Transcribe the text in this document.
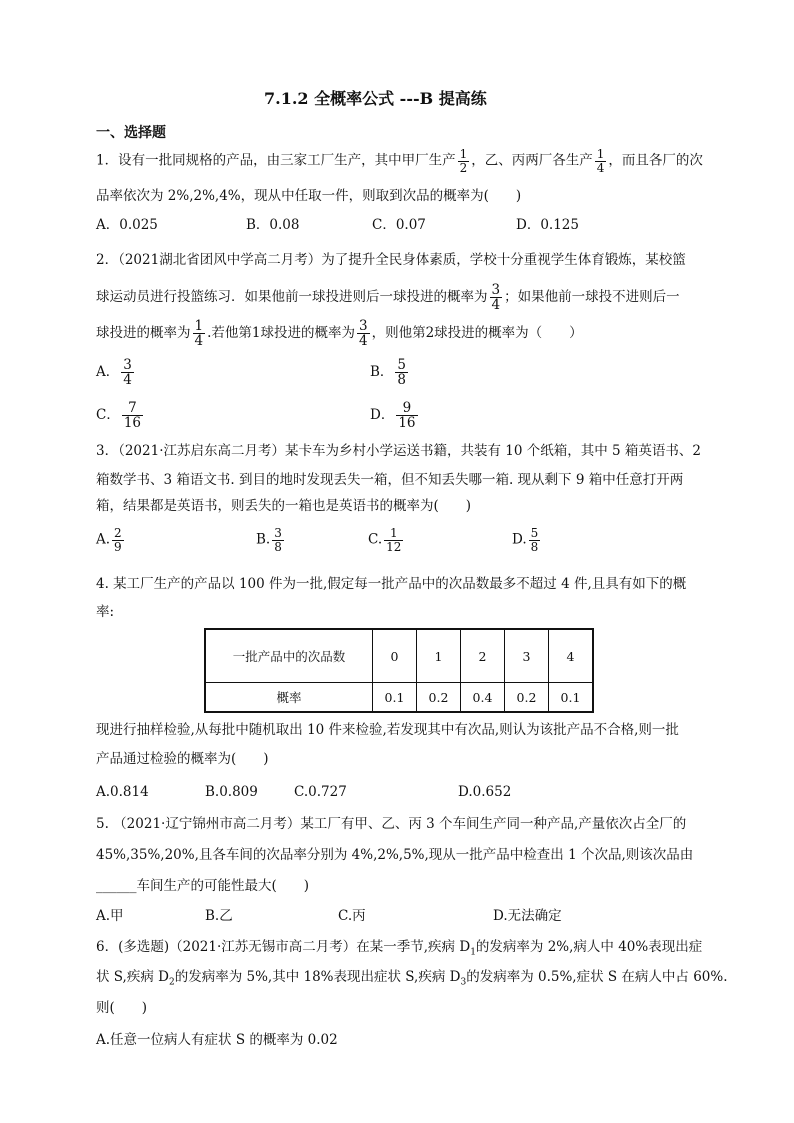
7.1.2 全概率公式 ---B 提高练
一、选择题
1．设有一批同规格的产品，由三家工厂生产，其中甲厂生产 $\frac{1}{2}$ ，乙、丙两厂各生产 $\frac{1}{4}$ ，而且各厂的次
品率依次为 2%,2%,4%，现从中任取一件，则取到次品的概率为(　　)
A．0.025	B．0.08	C．0.07	D．0.125
2．（2021湖北省团风中学高二月考）为了提升全民身体素质，学校十分重视学生体育锻炼，某校篮
球运动员进行投篮练习．如果他前一球投进则后一球投进的概率为 $\frac{3}{4}$ ；如果他前一球投不进则后一
球投进的概率为 $\frac{1}{4}$ .若他第1球投进的概率为 $\frac{3}{4}$ ，则他第2球投进的概率为（　　）
A． $\frac{3}{4}$	B． $\frac{5}{8}$
C． $\frac{7}{16}$	D． $\frac{9}{16}$
3．（2021·江苏启东高二月考）某卡车为乡村小学运送书籍，共装有 10 个纸箱，其中 5 箱英语书、2
箱数学书、3 箱语文书. 到目的地时发现丢失一箱，但不知丢失哪一箱. 现从剩下 9 箱中任意打开两
箱，结果都是英语书，则丢失的一箱也是英语书的概率为(　　)
A. $\frac{2}{9}$	B. $\frac{3}{8}$	C. $\frac{1}{12}$	D. $\frac{5}{8}$
4. 某工厂生产的产品以 100 件为一批,假定每一批产品中的次品数最多不超过 4 件,且具有如下的概
率:
一批产品中的次品数	0	1	2	3	4
概率	0.1	0.2	0.4	0.2	0.1
现进行抽样检验,从每批中随机取出 10 件来检验,若发现其中有次品,则认为该批产品不合格,则一批
产品通过检验的概率为(　　)
A.0.814	B.0.809	C.0.727	D.0.652
5. （2021·辽宁锦州市高二月考）某工厂有甲、乙、丙 3 个车间生产同一种产品,产量依次占全厂的
45%,35%,20%,且各车间的次品率分别为 4%,2%,5%,现从一批产品中检查出 1 个次品,则该次品由
______车间生产的可能性最大(　　)
A.甲	B.乙	C.丙	D.无法确定
6．(多选题)（2021·江苏无锡市高二月考）在某一季节,疾病 $D_1$的发病率为 2%,病人中 40%表现出症
状 S,疾病 $D_2$的发病率为 5%,其中 18%表现出症状 S,疾病 $D_3$的发病率为 0.5%,症状 S 在病人中占 60%.
则(　　)
A.任意一位病人有症状 S 的概率为 0.02
